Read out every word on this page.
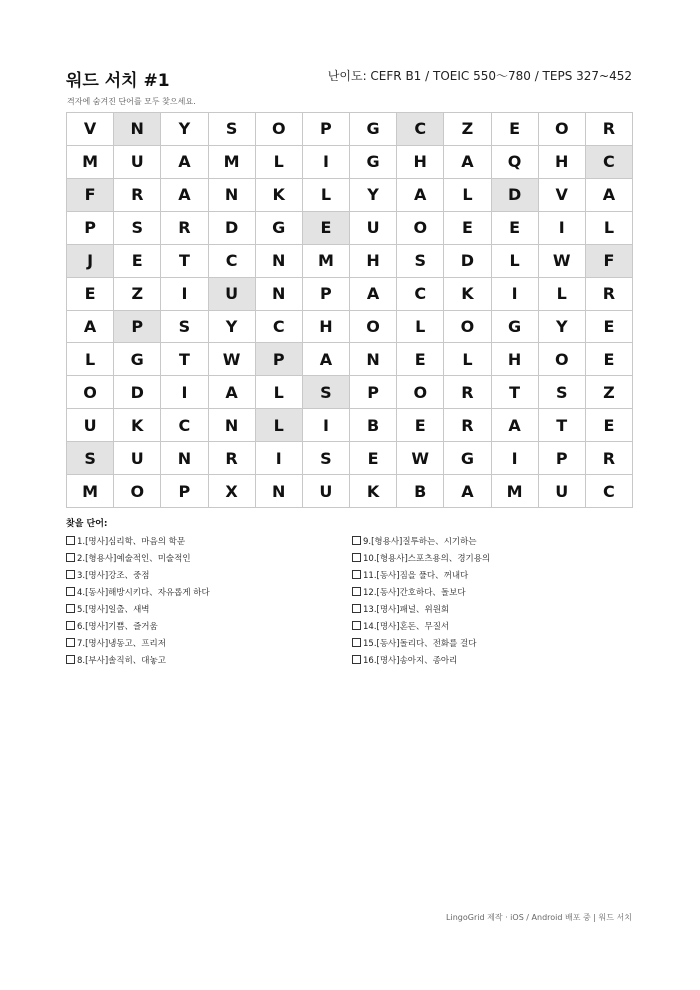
워드 서치 #1	난이도: CEFR B1 / TOEIC 550〜780 / TEPS 327~452
격자에 숨겨진 단어를 모두 찾으세요.
V	N	Y	S	O	P	G	C	Z	E	O	R
M	U	A	M	L	I	G	H	A	Q	H	C
F	R	A	N	K	L	Y	A	L	D	V	A
P	S	R	D	G	E	U	O	E	E	I	L
J	E	T	C	N	M	H	S	D	L	W	F
E	Z	I	U	N	P	A	C	K	I	L	R
A	P	S	Y	C	H	O	L	O	G	Y	E
L	G	T	W	P	A	N	E	L	H	O	E
O	D	I	A	L	S	P	O	R	T	S	Z
U	K	C	N	L	I	B	E	R	A	T	E
S	U	N	R	I	S	E	W	G	I	P	R
M	O	P	X	N	U	K	B	A	M	U	C
찾을 단어:
1.[명사]심리학、마음의 학문
2.[형용사]예술적인、미술적인
3.[명사]강조、중점
4.[동사]해방시키다、자유롭게 하다
5.[명사]일출、새벽
6.[명사]기쁨、즐거움
7.[명사]냉동고、프리저
8.[부사]솔직히、대놓고
9.[형용사]질투하는、시기하는
10.[형용사]스포츠용의、경기용의
11.[동사]짐을 풀다、꺼내다
12.[동사]간호하다、돌보다
13.[명사]패널、위원회
14.[명사]혼돈、무질서
15.[동사]돌리다、전화를 걸다
16.[명사]송아지、종아리
LingoGrid 제작 · iOS / Android 배포 중 | 워드 서치
